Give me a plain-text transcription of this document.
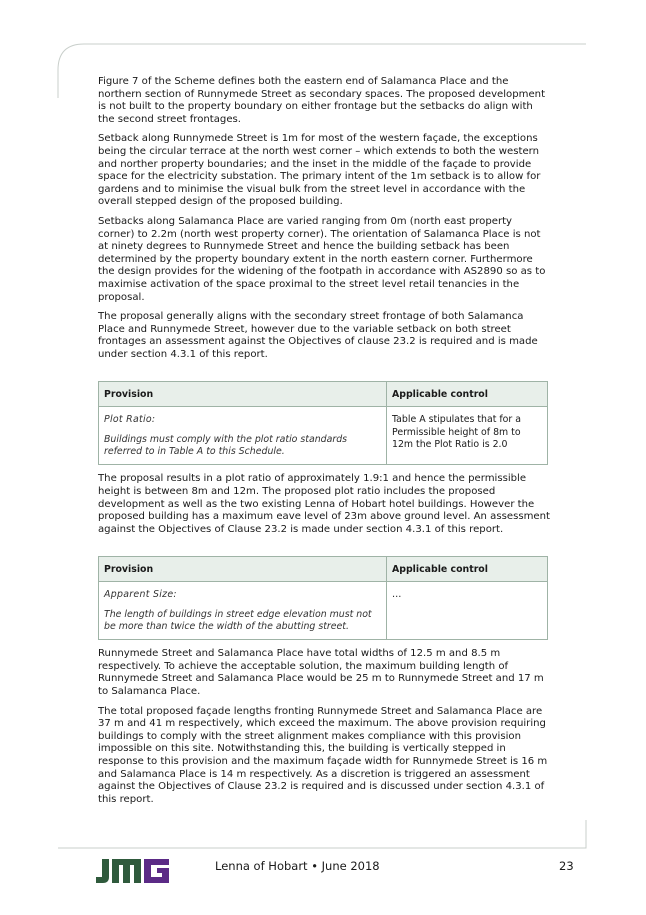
Figure 7 of the Scheme defines both the eastern end of Salamanca Place and the northern section of Runnymede Street as secondary spaces. The proposed development is not built to the property boundary on either frontage but the setbacks do align with the second street frontages.

Setback along Runnymede Street is 1m for most of the western façade, the exceptions being the circular terrace at the north west corner – which extends to both the western and norther property boundaries; and the inset in the middle of the façade to provide space for the electricity substation. The primary intent of the 1m setback is to allow for gardens and to minimise the visual bulk from the street level in accordance with the overall stepped design of the proposed building.

Setbacks along Salamanca Place are varied ranging from 0m (north east property corner) to 2.2m (north west property corner). The orientation of Salamanca Place is not at ninety degrees to Runnymede Street and hence the building setback has been determined by the property boundary extent in the north eastern corner. Furthermore the design provides for the widening of the footpath in accordance with AS2890 so as to maximise activation of the space proximal to the street level retail tenancies in the proposal.

The proposal generally aligns with the secondary street frontage of both Salamanca Place and Runnymede Street, however due to the variable setback on both street frontages an assessment against the Objectives of clause 23.2 is required and is made under section 4.3.1 of this report.

Provision	Applicable control

Plot Ratio:

Buildings must comply with the plot ratio standards referred to in Table A to this Schedule.	Table A stipulates that for a Permissible height of 8m to 12m the Plot Ratio is 2.0

The proposal results in a plot ratio of approximately 1.9:1 and hence the permissible height is between 8m and 12m. The proposed plot ratio includes the proposed development as well as the two existing Lenna of Hobart hotel buildings. However the proposed building has a maximum eave level of 23m above ground level. An assessment against the Objectives of Clause 23.2 is made under section 4.3.1 of this report.

Provision	Applicable control

Apparent Size:

The length of buildings in street edge elevation must not be more than twice the width of the abutting street.	…

Runnymede Street and Salamanca Place have total widths of 12.5 m and 8.5 m respectively. To achieve the acceptable solution, the maximum building length of Runnymede Street and Salamanca Place would be 25 m to Runnymede Street and 17 m to Salamanca Place.

The total proposed façade lengths fronting Runnymede Street and Salamanca Place are 37 m and 41 m respectively, which exceed the maximum. The above provision requiring buildings to comply with the street alignment makes compliance with this provision impossible on this site. Notwithstanding this, the building is vertically stepped in response to this provision and the maximum façade width for Runnymede Street is 16 m and Salamanca Place is 14 m respectively. As a discretion is triggered an assessment against the Objectives of Clause 23.2 is required and is discussed under section 4.3.1 of this report.

Lenna of Hobart • June 2018	23
